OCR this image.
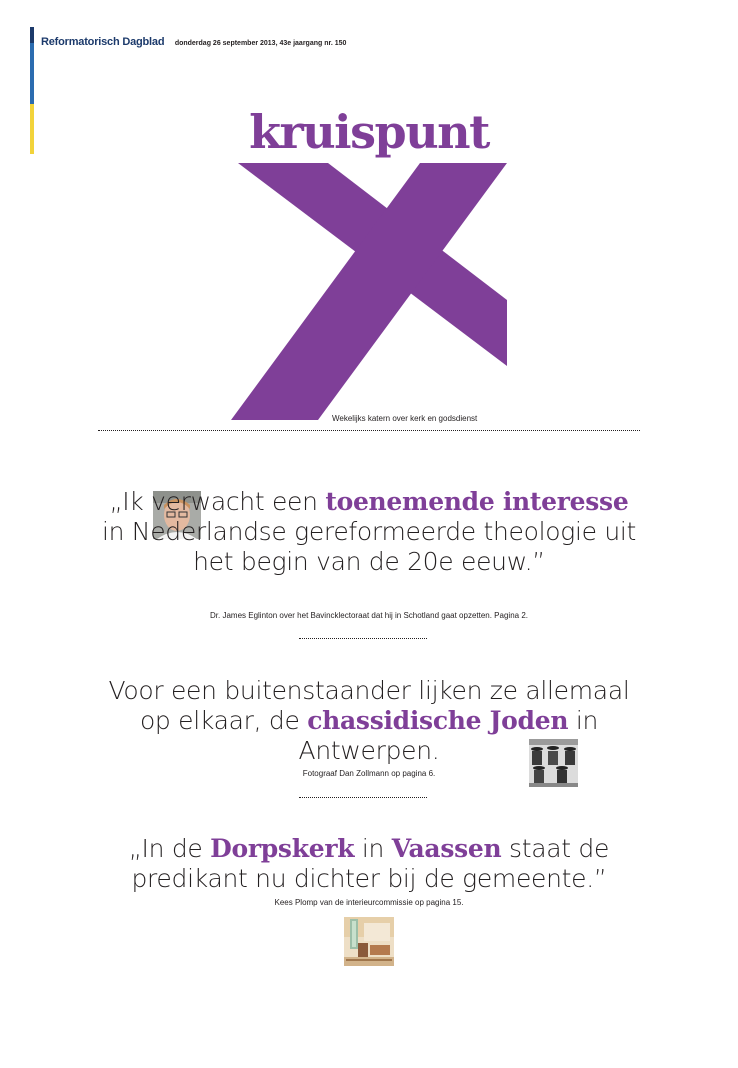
Reformatorisch Dagblad donderdag 26 september 2013, 43e jaargang nr. 150
kruispunt
Wekelijks katern over kerk en godsdienst
„Ik verwacht een toenemende interesse in Nederlandse gereformeerde theologie uit het begin van de 20e eeuw.”
Dr. James Eglinton over het Bavincklectoraat dat hij in Schotland gaat opzetten. Pagina 2.
Voor een buitenstaander lijken ze allemaal op elkaar, de chassidische Joden in Antwerpen.
Fotograaf Dan Zollmann op pagina 6.
„In de Dorpskerk in Vaassen staat de predikant nu dichter bij de gemeente.”
Kees Plomp van de interieurcommissie op pagina 15.
